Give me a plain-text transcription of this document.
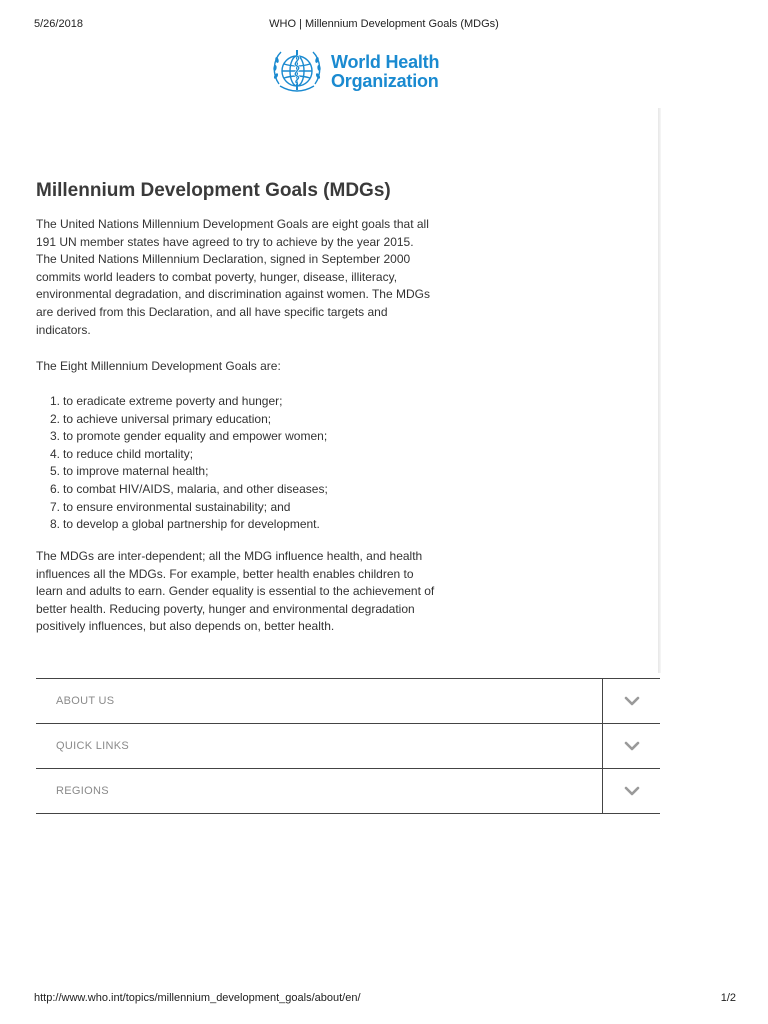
5/26/2018	WHO | Millennium Development Goals (MDGs)
World Health
Organization
Millennium Development Goals (MDGs)

The United Nations Millennium Development Goals are eight goals that all 191 UN member states have agreed to try to achieve by the year 2015. The United Nations Millennium Declaration, signed in September 2000 commits world leaders to combat poverty, hunger, disease, illiteracy, environmental degradation, and discrimination against women. The MDGs are derived from this Declaration, and all have specific targets and indicators.

The Eight Millennium Development Goals are:

1. to eradicate extreme poverty and hunger;
2. to achieve universal primary education;
3. to promote gender equality and empower women;
4. to reduce child mortality;
5. to improve maternal health;
6. to combat HIV/AIDS, malaria, and other diseases;
7. to ensure environmental sustainability; and
8. to develop a global partnership for development.

The MDGs are inter-dependent; all the MDG influence health, and health influences all the MDGs. For example, better health enables children to learn and adults to earn. Gender equality is essential to the achievement of better health. Reducing poverty, hunger and environmental degradation positively influences, but also depends on, better health.

ABOUT US
QUICK LINKS
REGIONS
http://www.who.int/topics/millennium_development_goals/about/en/	1/2
